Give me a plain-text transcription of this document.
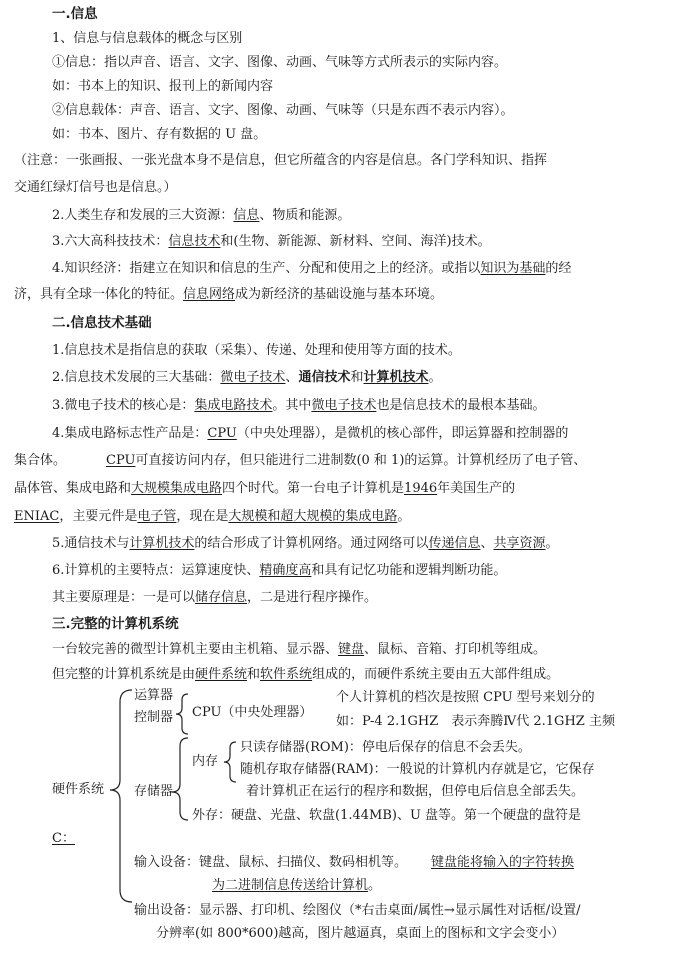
一.信息
1、信息与信息载体的概念与区别
①信息：指以声音、语言、文字、图像、动画、气味等方式所表示的实际内容。
如：书本上的知识、报刊上的新闻内容
②信息载体：声音、语言、文字、图像、动画、气味等（只是东西不表示内容）。
如：书本、图片、存有数据的 U 盘。
（注意：一张画报、一张光盘本身不是信息，但它所蕴含的内容是信息。各门学科知识、指挥
交通红绿灯信号也是信息。）
2.人类生存和发展的三大资源：信息、物质和能源。
3.六大高科技技术：信息技术和(生物、新能源、新材料、空间、海洋)技术。
4.知识经济：指建立在知识和信息的生产、分配和使用之上的经济。或指以知识为基础的经
济，具有全球一体化的特征。信息网络成为新经济的基础设施与基本环境。
二.信息技术基础
1.信息技术是指信息的获取（采集）、传递、处理和使用等方面的技术。
2.信息技术发展的三大基础：微电子技术、通信技术和计算机技术。
3.微电子技术的核心是：集成电路技术。其中微电子技术也是信息技术的最根本基础。
4.集成电路标志性产品是：CPU（中央处理器），是微机的核心部件，即运算器和控制器的
集合体。	CPU可直接访问内存，但只能进行二进制数(0 和 1)的运算。计算机经历了电子管、
晶体管、集成电路和大规模集成电路四个时代。第一台电子计算机是1946年美国生产的
ENIAC，主要元件是电子管，现在是大规模和超大规模的集成电路。
5.通信技术与计算机技术的结合形成了计算机网络。通过网络可以传递信息、共享资源。
6.计算机的主要特点：运算速度快、精确度高和具有记忆功能和逻辑判断功能。
其主要原理是：一是可以储存信息，二是进行程序操作。
三.完整的计算机系统
一台较完善的微型计算机主要由主机箱、显示器、键盘、鼠标、音箱、打印机等组成。
但完整的计算机系统是由硬件系统和软件系统组成的，而硬件系统主要由五大部件组成。
硬件系统
运算器
控制器 CPU（中央处理器）
个人计算机的档次是按照 CPU 型号来划分的
如：P-4 2.1GHZ　表示奔腾Ⅳ代 2.1GHZ 主频
存储器
内存
只读存储器(ROM)：停电后保存的信息不会丢失。
随机存取存储器(RAM)：一般说的计算机内存就是它，它保存
着计算机正在运行的程序和数据，但停电后信息全部丢失。
外存：硬盘、光盘、软盘(1.44MB)、U 盘等。第一个硬盘的盘符是
C：
输入设备：键盘、鼠标、扫描仪、数码相机等。 键盘能将输入的字符转换
为二进制信息传送给计算机。
输出设备：显示器、打印机、绘图仪（*右击桌面/属性→显示属性对话框/设置/
分辨率(如 800*600)越高，图片越逼真，桌面上的图标和文字会变小）
